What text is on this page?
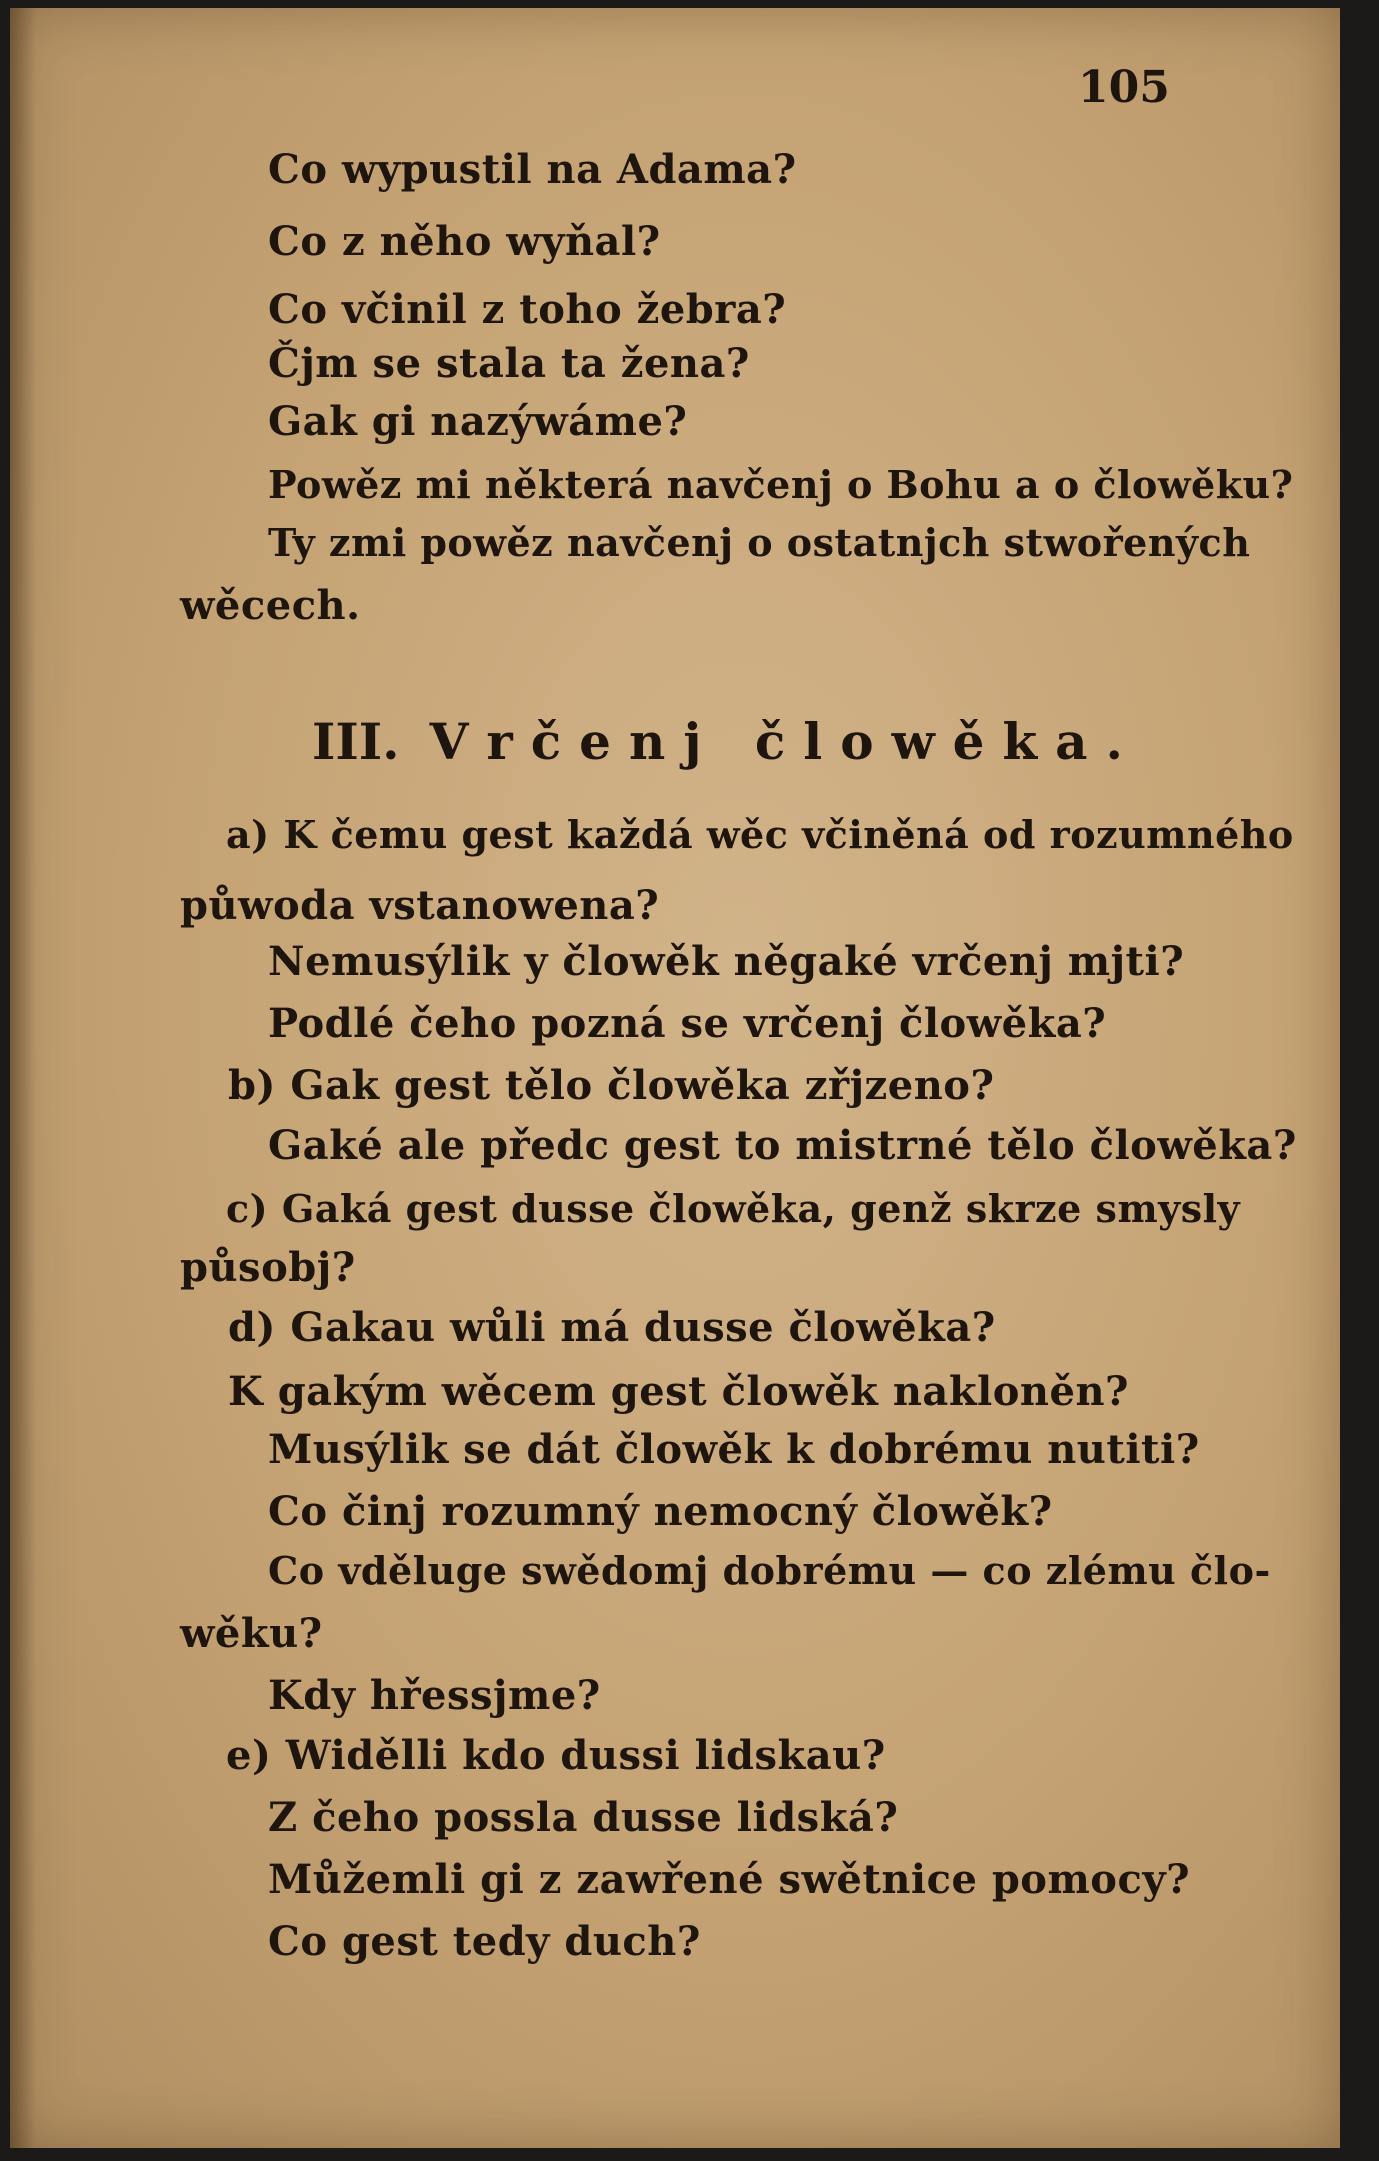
105
Co wypustil na Adama?
Co z něho wyňal?
Co včinil z toho žebra?
Čjm se stala ta žena?
Gak gi nazýwáme?
Powěz mi některá navčenj o Bohu a o člowěku?
Ty zmi powěz navčenj o ostatnjch stwořených
wěcech.
III. Vrčenj člowěka.
a) K čemu gest každá wěc včiněná od rozumného
půwoda vstanowena?
Nemusýlik y člowěk něgaké vrčenj mjti?
Podlé čeho pozná se vrčenj člowěka?
b) Gak gest tělo člowěka zřjzeno?
Gaké ale předc gest to mistrné tělo člowěka?
c) Gaká gest dusse člowěka, genž skrze smysly
působj?
d) Gakau wůli má dusse člowěka?
K gakým wěcem gest člowěk nakloněn?
Musýlik se dát člowěk k dobrému nutiti?
Co činj rozumný nemocný člowěk?
Co vděluge swědomj dobrému — co zlému člo-
wěku?
Kdy hřessjme?
e) Widělli kdo dussi lidskau?
Z čeho possla dusse lidská?
Můžemli gi z zawřené swětnice pomocy?
Co gest tedy duch?
